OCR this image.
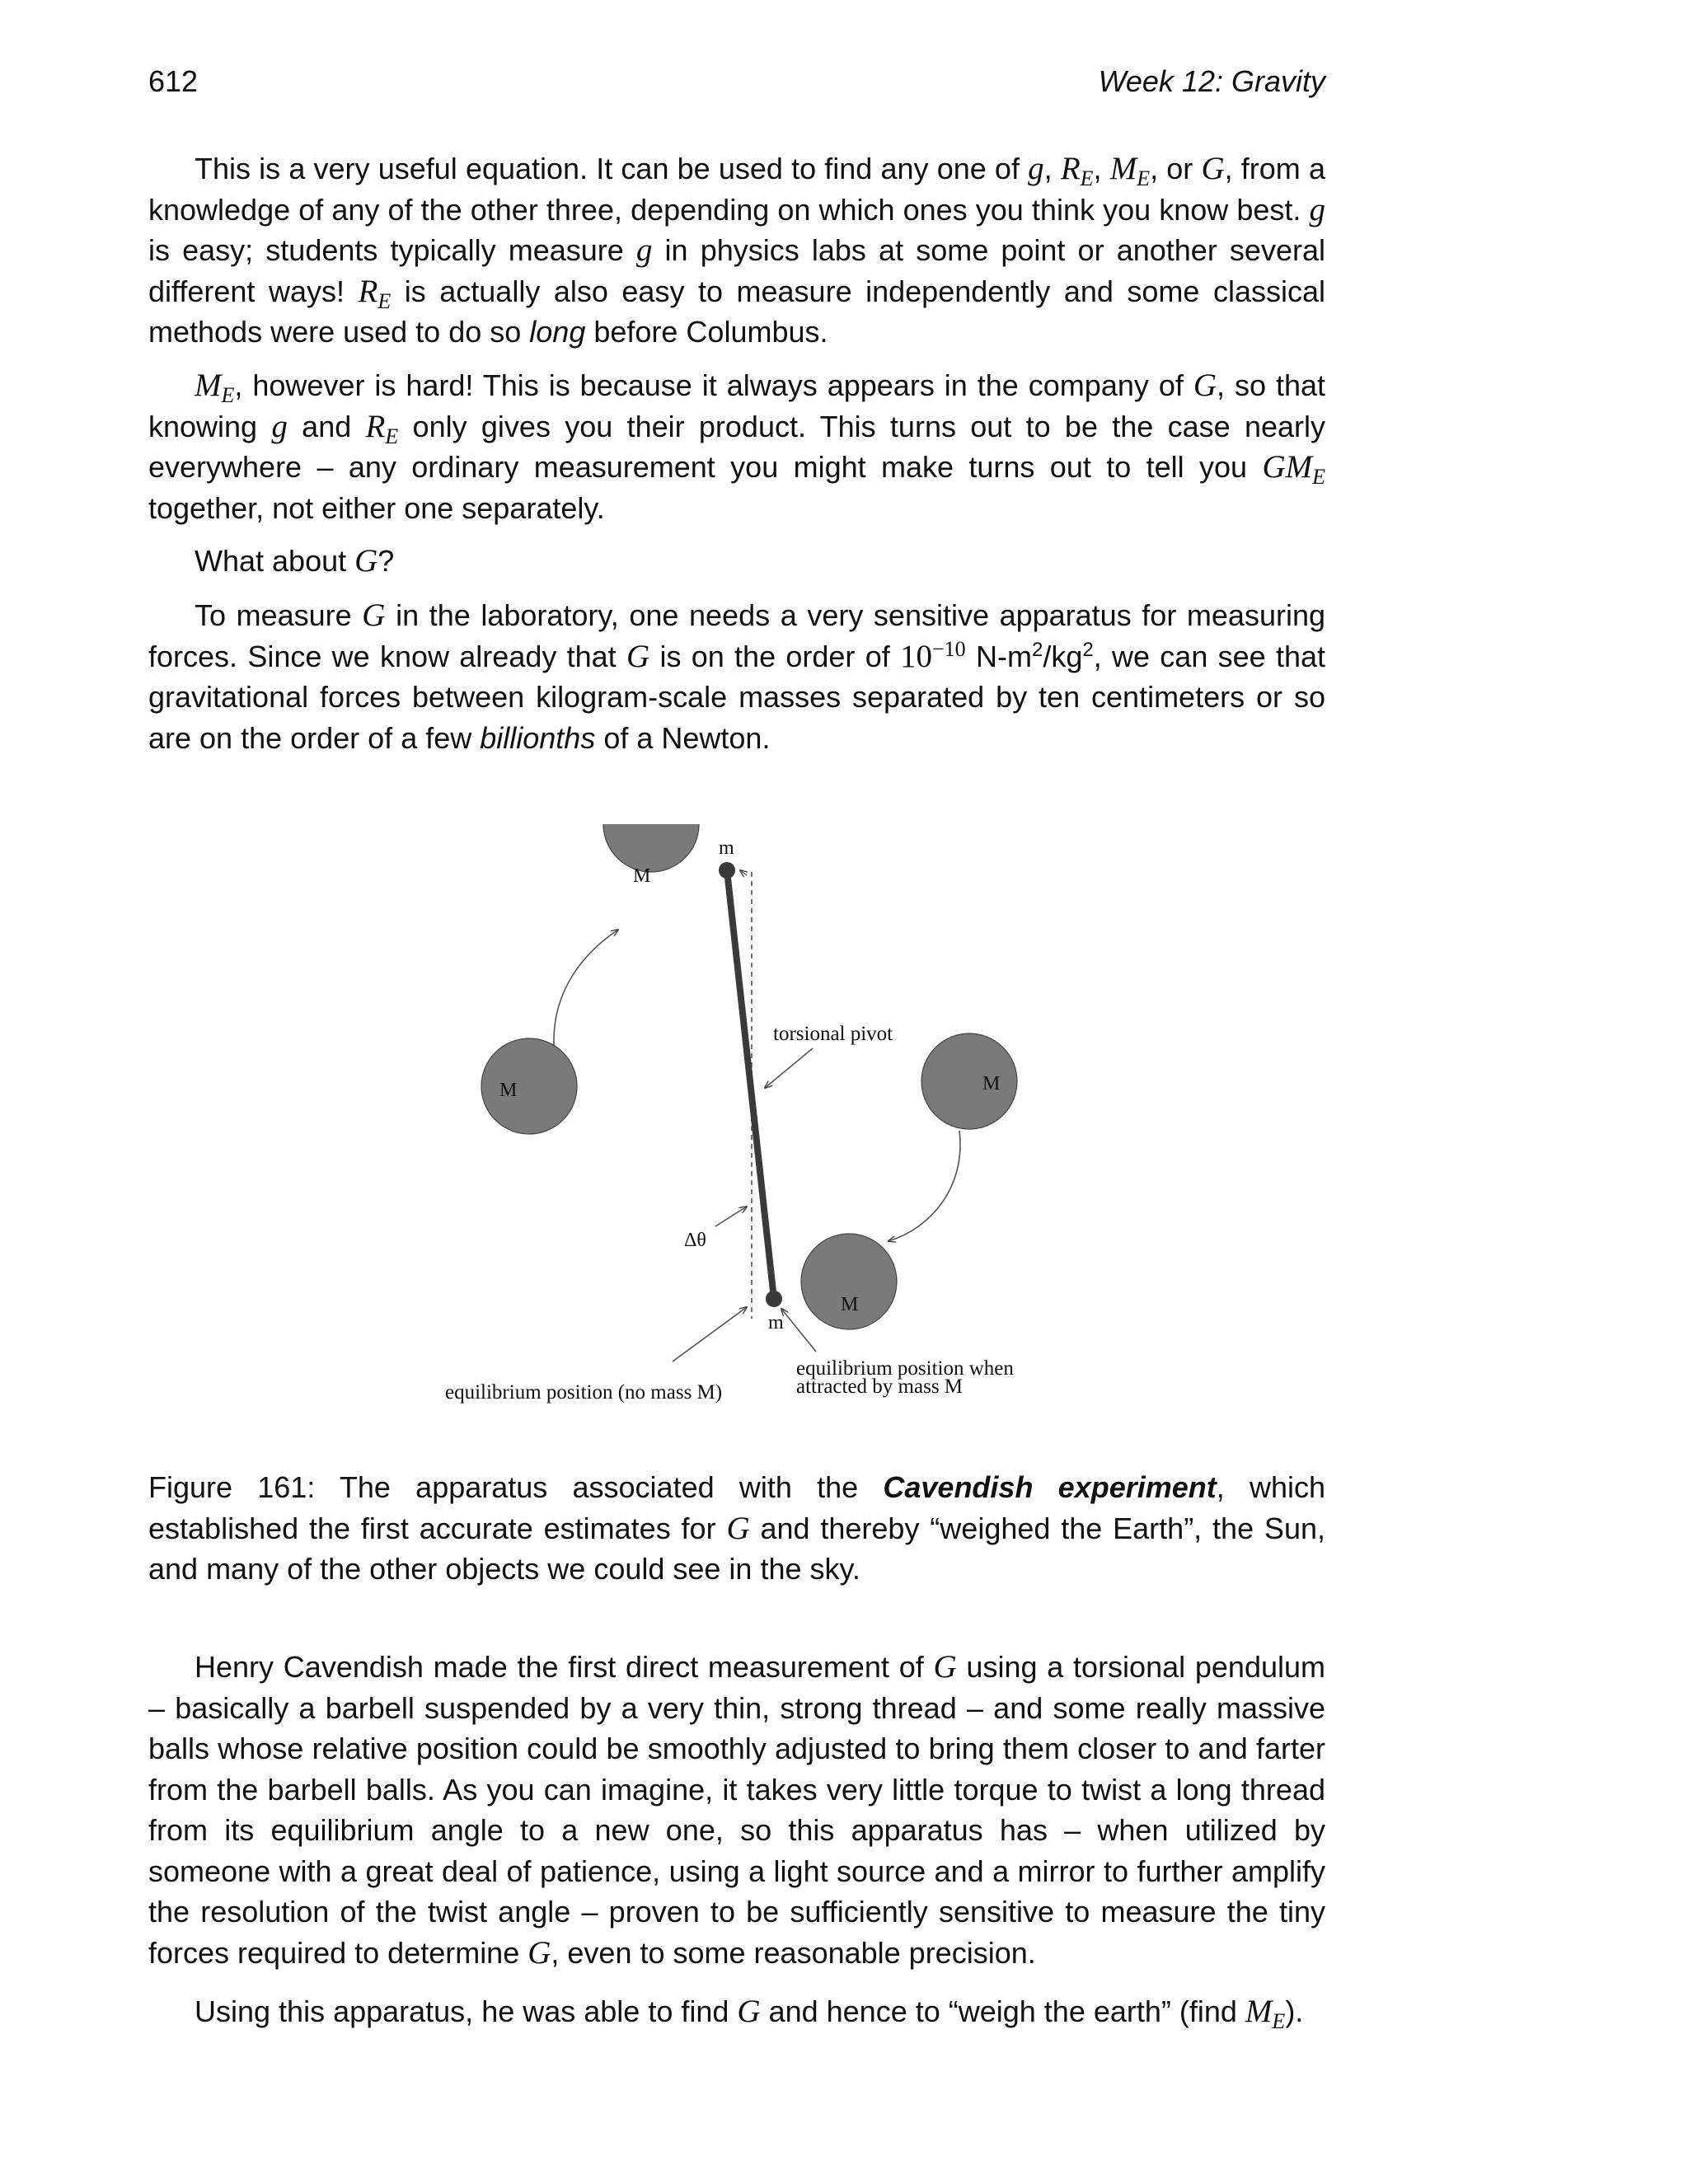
612	Week 12: Gravity

This is a very useful equation. It can be used to find any one of g, $R_E$, $M_E$, or G, from a knowledge of any of the other three, depending on which ones you think you know best. g is easy; students typically measure g in physics labs at some point or another several different ways! $R_E$ is actually also easy to measure independently and some classical methods were used to do so long before Columbus.

$M_E$, however is hard! This is because it always appears in the company of G, so that knowing g and $R_E$ only gives you their product. This turns out to be the case nearly everywhere – any ordinary measurement you might make turns out to tell you $GM_E$ together, not either one separately.

What about G?

To measure G in the laboratory, one needs a very sensitive apparatus for measuring forces. Since we know already that G is on the order of $10^{-10}$ $N-m^2/kg^2$, we can see that gravitational forces between kilogram-scale masses separated by ten centimeters or so are on the order of a few billionths of a Newton.

M
M	M
M
m
m
torsional pivot
Δθ
equilibrium position (no mass M)
equilibrium position when
attracted by mass M

Figure 161: The apparatus associated with the Cavendish experiment, which established the first accurate estimates for G and thereby “weighed the Earth”, the Sun, and many of the other objects we could see in the sky.

Henry Cavendish made the first direct measurement of G using a torsional pendulum – basically a barbell suspended by a very thin, strong thread – and some really massive balls whose relative position could be smoothly adjusted to bring them closer to and farter from the barbell balls. As you can imagine, it takes very little torque to twist a long thread from its equilibrium angle to a new one, so this apparatus has – when utilized by someone with a great deal of patience, using a light source and a mirror to further amplify the resolution of the twist angle – proven to be sufficiently sensitive to measure the tiny forces required to determine G, even to some reasonable precision.

Using this apparatus, he was able to find G and hence to “weigh the earth” (find $M_E$).
